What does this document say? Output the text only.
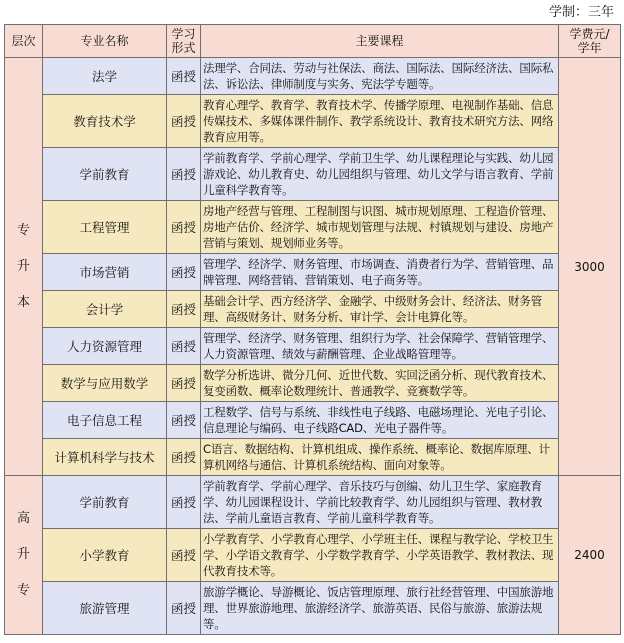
学制：三年
层次	专业名称	学习形式	主要课程	学费元/学年

专
升
本	法学	函授	法理学、合同法、劳动与社保法、商法、国际法、国际经济法、国际私法、诉讼法、律师制度与实务、宪法学专题等。	3000
	教育技术学	函授	教育心理学、教育学、教育技术学、传播学原理、电视制作基础、信息传媒技术、多媒体课件制作、教学系统设计、教育技术研究方法、网络教育应用等。	
	学前教育	函授	学前教育学、学前心理学、学前卫生学、幼儿课程理论与实践、幼儿园游戏论、幼儿教育史、幼儿园组织与管理、幼儿文学与语言教育、学前儿童科学教育等。	
	工程管理	函授	房地产经营与管理、工程制图与识图、城市规划原理、工程造价管理、房地产估价、经济学、城市规划管理与法规、村镇规划与建设、房地产营销与策划、规划师业务等。	
	市场营销	函授	管理学、经济学、财务管理、市场调查、消费者行为学、营销管理、品牌管理、网络营销、营销策划、电子商务等。	
	会计学	函授	基础会计学、西方经济学、金融学、中级财务会计、经济法、财务管理、高级财务计、财务分析、审计学、会计电算化等。	
	人力资源管理	函授	管理学、经济学、财务管理、组织行为学、社会保障学、营销管理学、人力资源管理、绩效与薪酬管理、企业战略管理等。	
	数学与应用数学	函授	数学分析选讲、微分几何、近世代数、实回泛函分析、现代教育技术、复变函数、概率论数理统计、普通教学、竞赛数学等。	
	电子信息工程	函授	工程数学、信号与系统、非线性电子线路、电磁场理论、光电子引论、信息理论与编码、电子线路CAD、光电子器件等。	
	计算机科学与技术	函授	C语言、数据结构、计算机组成、操作系统、概率论、数据库原理、计算机网络与通信、计算机系统结构、面向对象等。	

高
升
专	学前教育	函授	学前教育学、学前心理学、音乐技巧与创编、幼儿卫生学、家庭教育学、幼儿园课程设计、学前比较教育学、幼儿园组织与管理、教材教法、学前儿童语言教育、学前儿童科学教育等。	2400
	小学教育	函授	小学教育学、小学教育心理学、小学班主任、课程与教学论、学校卫生学、小学语文教育学、小学数学教育学、小学英语教学、教材教法、现代教育技术等。	
	旅游管理	函授	旅游学概论、导游概论、饭店管理原理、旅行社经营管理、中国旅游地理、世界旅游地理、旅游经济学、旅游英语、民俗与旅游、旅游法规等。	
